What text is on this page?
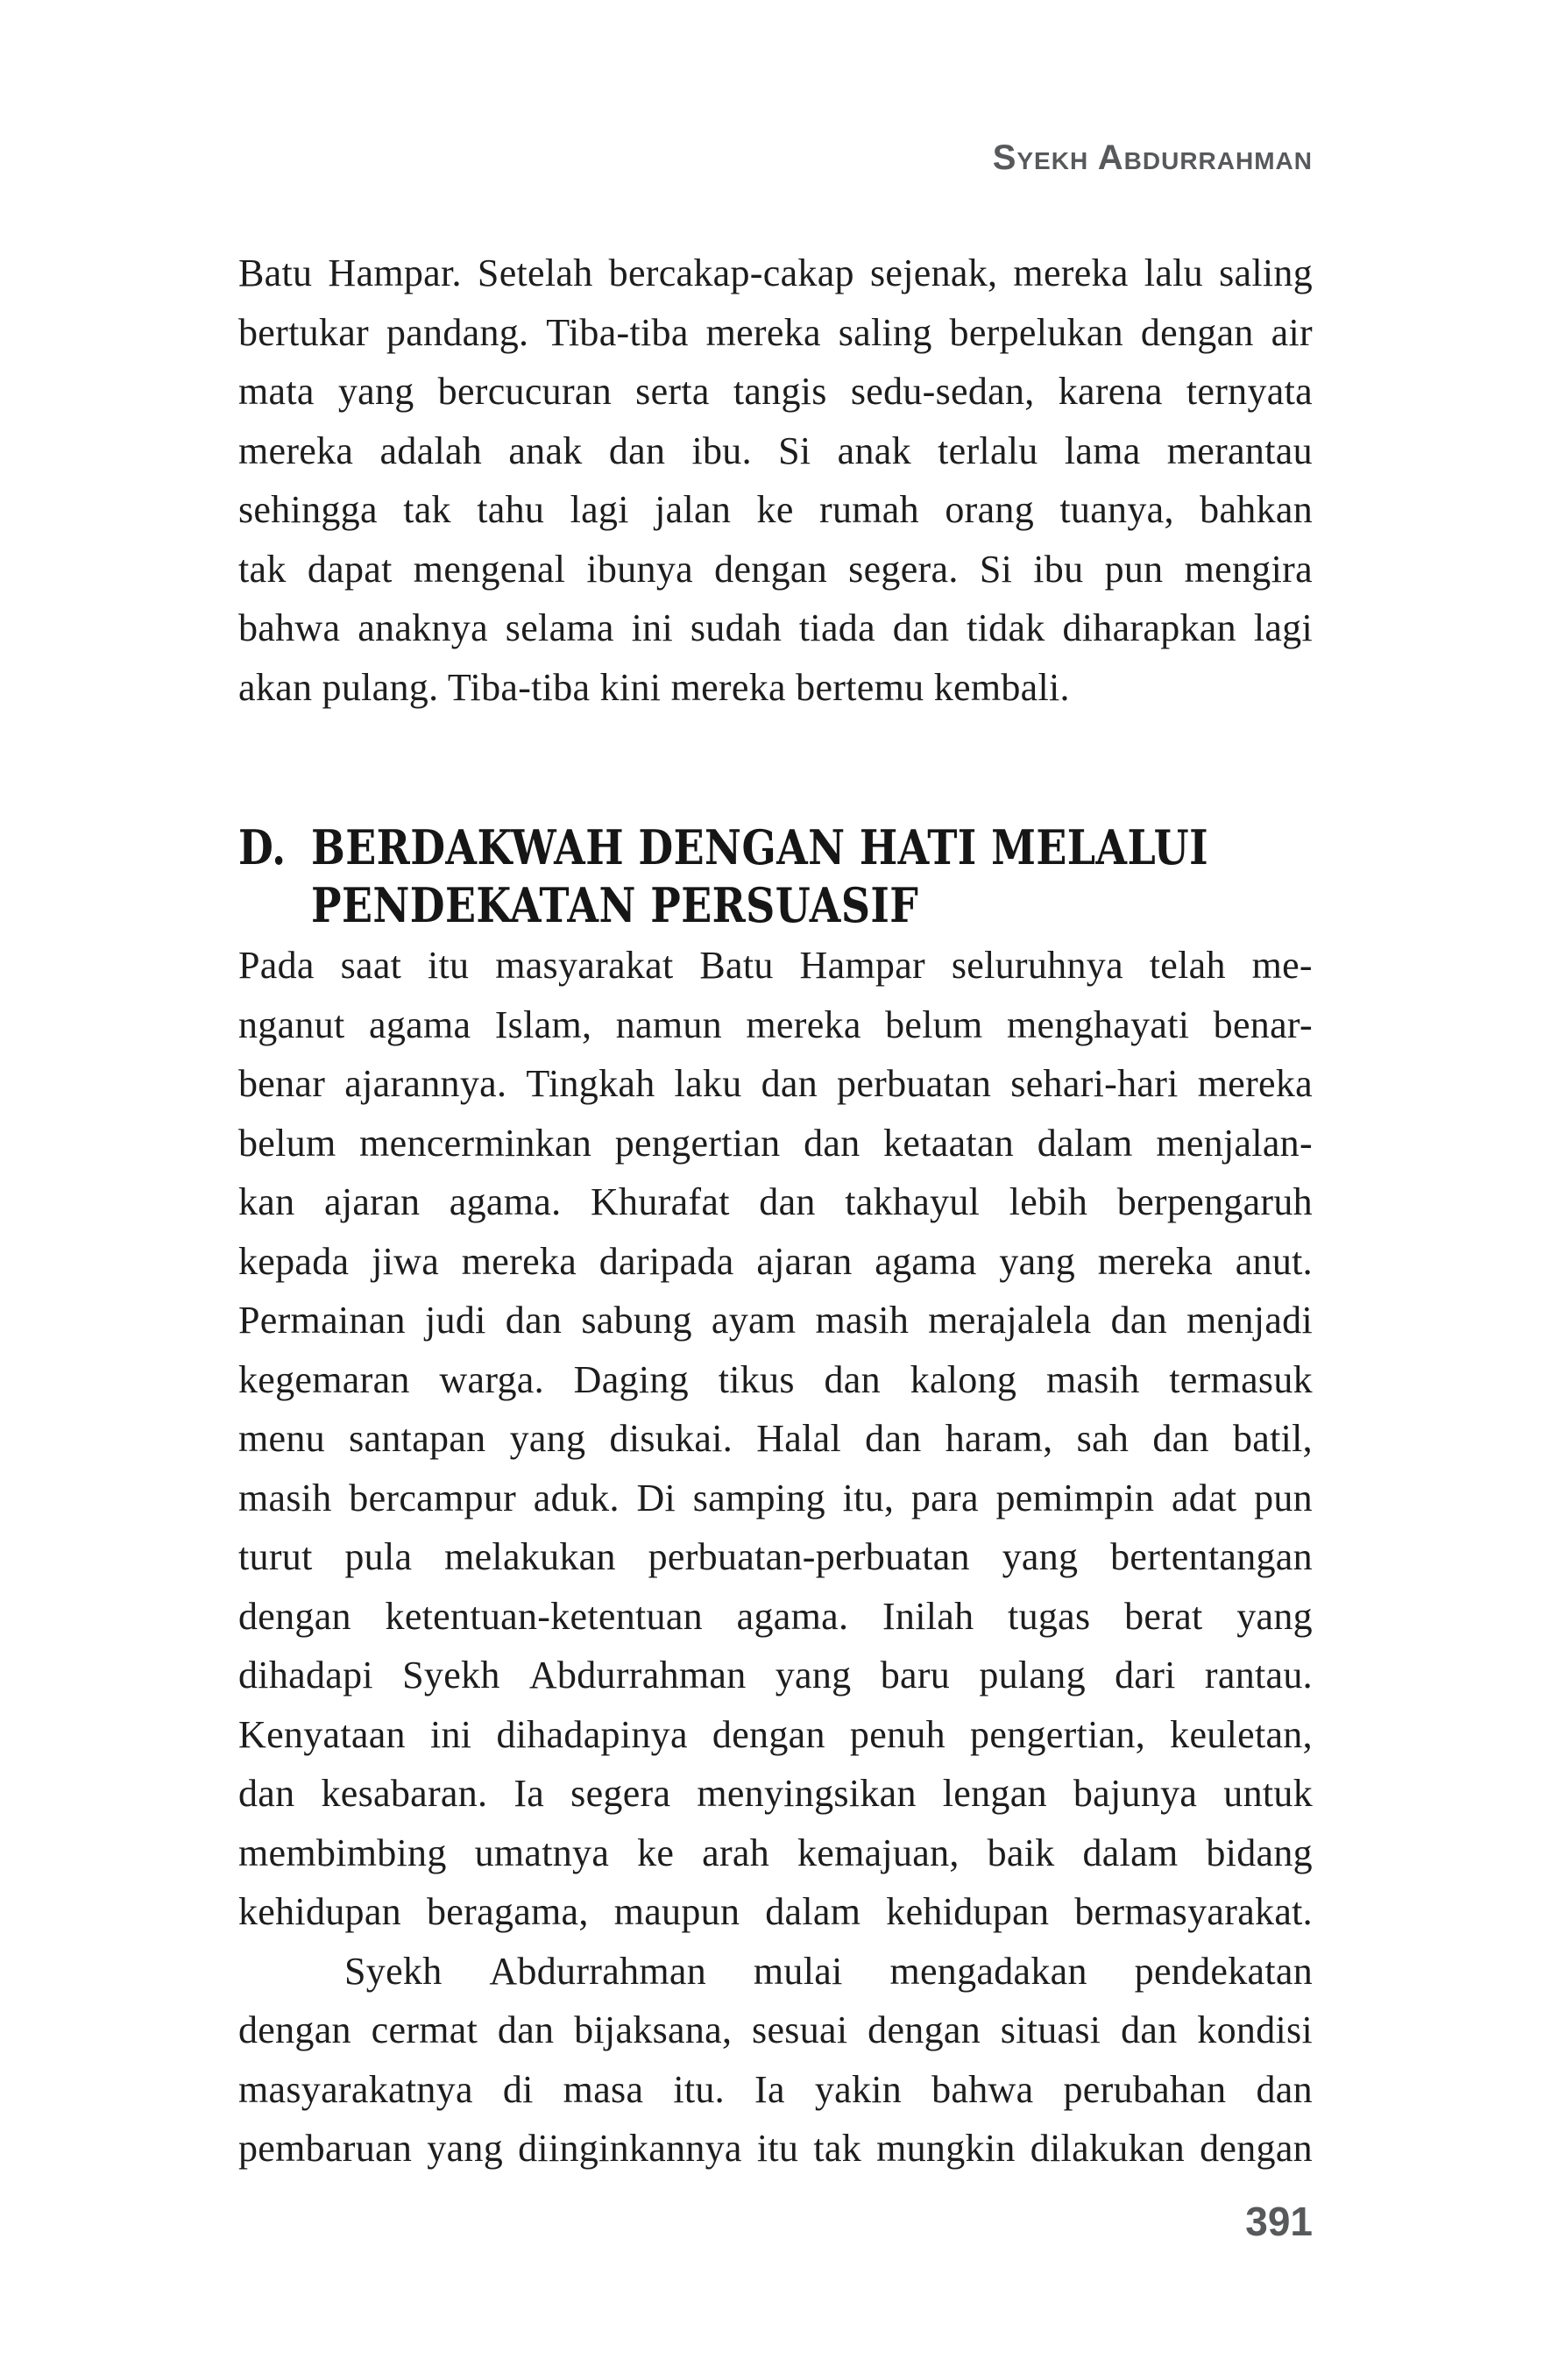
Syekh Abdurrahman
Batu Hampar. Setelah bercakap-cakap sejenak, mereka lalu saling
bertukar pandang. Tiba-tiba mereka saling berpelukan dengan air
mata yang bercucuran serta tangis sedu-sedan, karena ternyata
mereka adalah anak dan ibu. Si anak terlalu lama merantau
sehingga tak tahu lagi jalan ke rumah orang tuanya, bahkan
tak dapat mengenal ibunya dengan segera. Si ibu pun mengira
bahwa anaknya selama ini sudah tiada dan tidak diharapkan lagi
akan pulang. Tiba-tiba kini mereka bertemu kembali.
D. BERDAKWAH DENGAN HATI MELALUI
PENDEKATAN PERSUASIF
Pada saat itu masyarakat Batu Hampar seluruhnya telah me-
nganut agama Islam, namun mereka belum menghayati benar-
benar ajarannya. Tingkah laku dan perbuatan sehari-hari mereka
belum mencerminkan pengertian dan ketaatan dalam menjalan-
kan ajaran agama. Khurafat dan takhayul lebih berpengaruh
kepada jiwa mereka daripada ajaran agama yang mereka anut.
Permainan judi dan sabung ayam masih merajalela dan menjadi
kegemaran warga. Daging tikus dan kalong masih termasuk
menu santapan yang disukai. Halal dan haram, sah dan batil,
masih bercampur aduk. Di samping itu, para pemimpin adat pun
turut pula melakukan perbuatan-perbuatan yang bertentangan
dengan ketentuan-ketentuan agama. Inilah tugas berat yang
dihadapi Syekh Abdurrahman yang baru pulang dari rantau.
Kenyataan ini dihadapinya dengan penuh pengertian, keuletan,
dan kesabaran. Ia segera menyingsikan lengan bajunya untuk
membimbing umatnya ke arah kemajuan, baik dalam bidang
kehidupan beragama, maupun dalam kehidupan bermasyarakat.
Syekh Abdurrahman mulai mengadakan pendekatan
dengan cermat dan bijaksana, sesuai dengan situasi dan kondisi
masyarakatnya di masa itu. Ia yakin bahwa perubahan dan
pembaruan yang diinginkannya itu tak mungkin dilakukan dengan
391
